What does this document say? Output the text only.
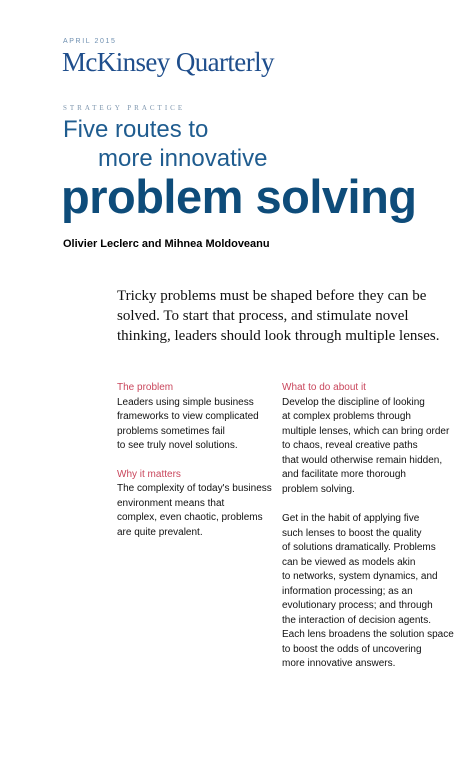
APRIL 2015
McKinsey Quarterly
STRATEGY PRACTICE
Five routes to
more innovative
problem solving
Olivier Leclerc and Mihnea Moldoveanu
Tricky problems must be shaped before they can be
solved. To start that process, and stimulate novel
thinking, leaders should look through multiple lenses.
The problem
Leaders using simple business
frameworks to view complicated
problems sometimes fail
to see truly novel solutions.
Why it matters
The complexity of today's business
environment means that
complex, even chaotic, problems
are quite prevalent.
What to do about it
Develop the discipline of looking
at complex problems through
multiple lenses, which can bring order
to chaos, reveal creative paths
that would otherwise remain hidden,
and facilitate more thorough
problem solving.
Get in the habit of applying five
such lenses to boost the quality
of solutions dramatically. Problems
can be viewed as models akin
to networks, system dynamics, and
information processing; as an
evolutionary process; and through
the interaction of decision agents.
Each lens broadens the solution space
to boost the odds of uncovering
more innovative answers.
